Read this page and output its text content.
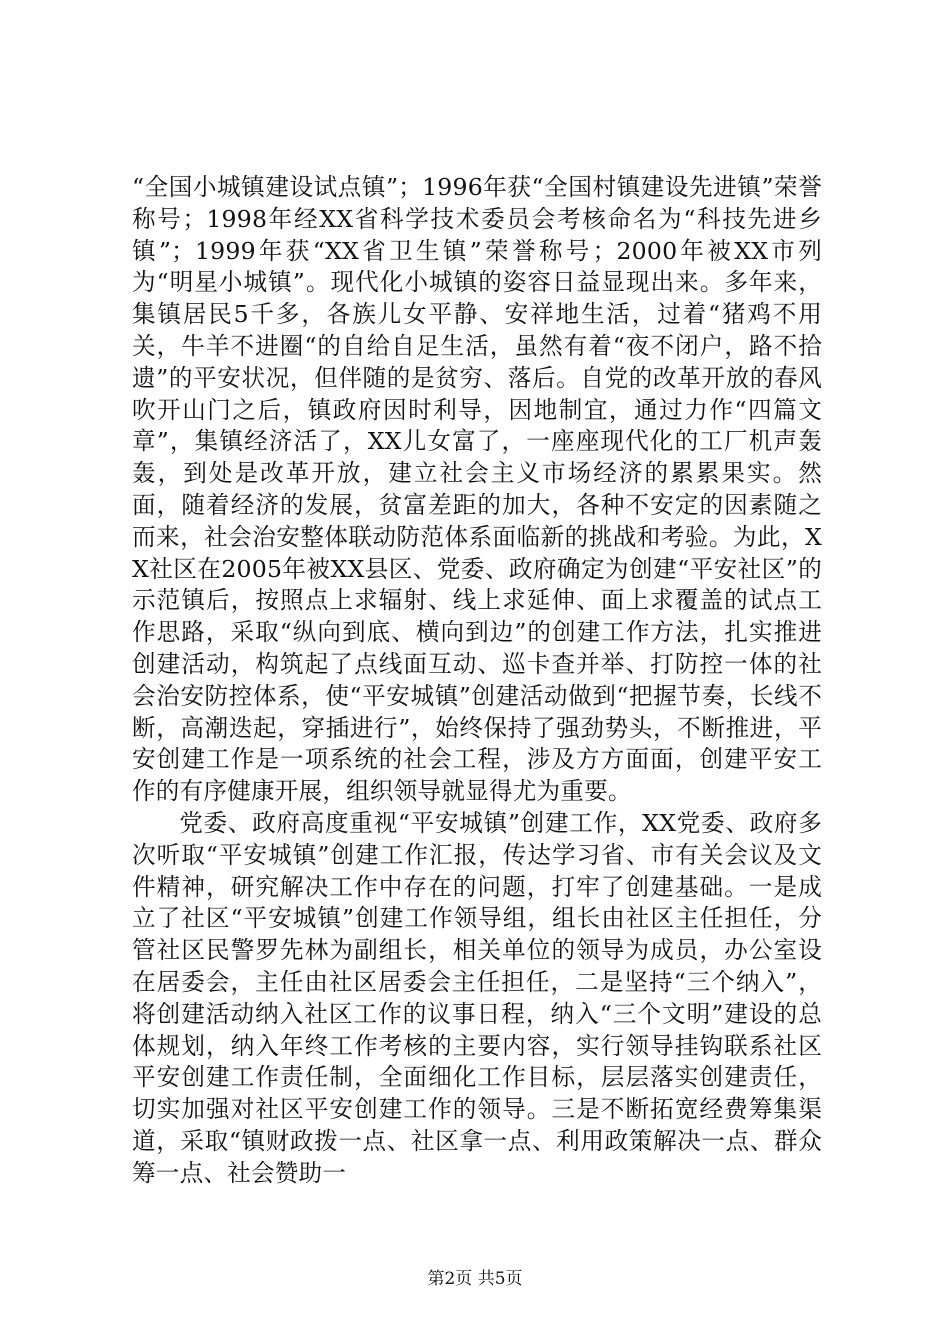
“全国小城镇建设试点镇”；1996年获“全国村镇建设先进镇”荣誉称号；1998年经XX省科学技术委员会考核命名为“科技先进乡镇”；1999年获“XX省卫生镇”荣誉称号；2000年被XX市列为“明星小城镇”。现代化小城镇的姿容日益显现出来。多年来，集镇居民5千多，各族儿女平静、安祥地生活，过着“猪鸡不用关，牛羊不进圈“的自给自足生活，虽然有着“夜不闭户，路不拾遗”的平安状况，但伴随的是贫穷、落后。自党的改革开放的春风吹开山门之后，镇政府因时利导，因地制宜，通过力作“四篇文章”，集镇经济活了，XX儿女富了，一座座现代化的工厂机声轰轰，到处是改革开放，建立社会主义市场经济的累累果实。然面，随着经济的发展，贫富差距的加大，各种不安定的因素随之而来，社会治安整体联动防范体系面临新的挑战和考验。为此，XX社区在2005年被XX县区、党委、政府确定为创建“平安社区”的示范镇后，按照点上求辐射、线上求延伸、面上求覆盖的试点工作思路，采取“纵向到底、横向到边”的创建工作方法，扎实推进创建活动，构筑起了点线面互动、巡卡查并举、打防控一体的社会治安防控体系，使“平安城镇”创建活动做到“把握节奏，长线不断，高潮迭起，穿插进行”，始终保持了强劲势头，不断推进，平安创建工作是一项系统的社会工程，涉及方方面面，创建平安工作的有序健康开展，组织领导就显得尤为重要。

党委、政府高度重视“平安城镇”创建工作，XX党委、政府多次听取“平安城镇”创建工作汇报，传达学习省、市有关会议及文件精神，研究解决工作中存在的问题，打牢了创建基础。一是成立了社区“平安城镇”创建工作领导组，组长由社区主任担任，分管社区民警罗先林为副组长，相关单位的领导为成员，办公室设在居委会，主任由社区居委会主任担任，二是坚持“三个纳入”，将创建活动纳入社区工作的议事日程，纳入“三个文明”建设的总体规划，纳入年终工作考核的主要内容，实行领导挂钩联系社区平安创建工作责任制，全面细化工作目标，层层落实创建责任，切实加强对社区平安创建工作的领导。三是不断拓宽经费筹集渠道，采取“镇财政拨一点、社区拿一点、利用政策解决一点、群众筹一点、社会赞助一

第2页 共5页
